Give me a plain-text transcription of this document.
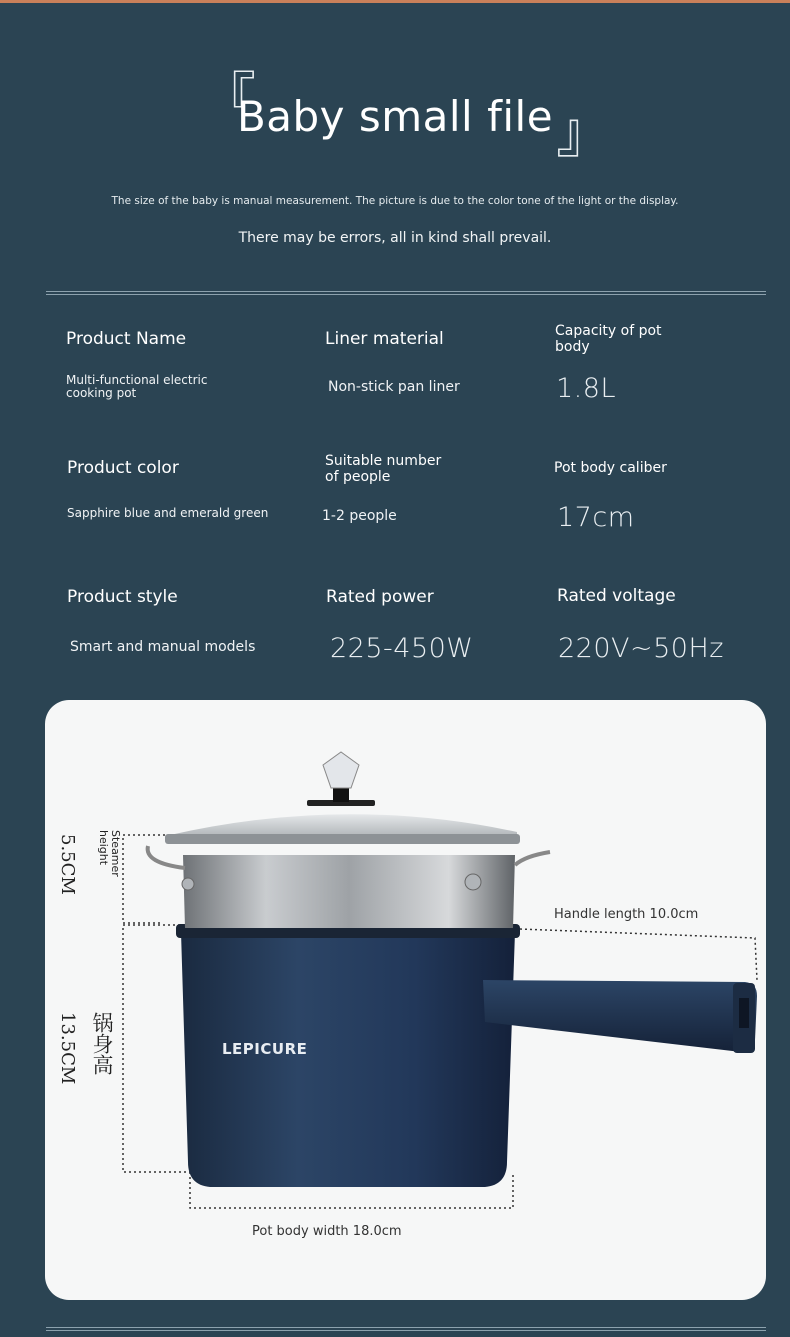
『
』
Baby small file
The size of the baby is manual measurement. The picture is due to the color tone of the light or the display.
There may be errors, all in kind shall prevail.
Product Name
Multi-functional electric cooking pot
Liner material
Non-stick pan liner
Capacity of pot body
1.8L
Product color
Sapphire blue and emerald green
Suitable number of people
1-2 people
Pot body caliber
17cm
Product style
Smart and manual models
Rated power
225-450W
Rated voltage
220V~50Hz
LEPICURE
Steamer height
5.5CM
锅身高
13.5CM
Handle length 10.0cm
Pot body width 18.0cm
